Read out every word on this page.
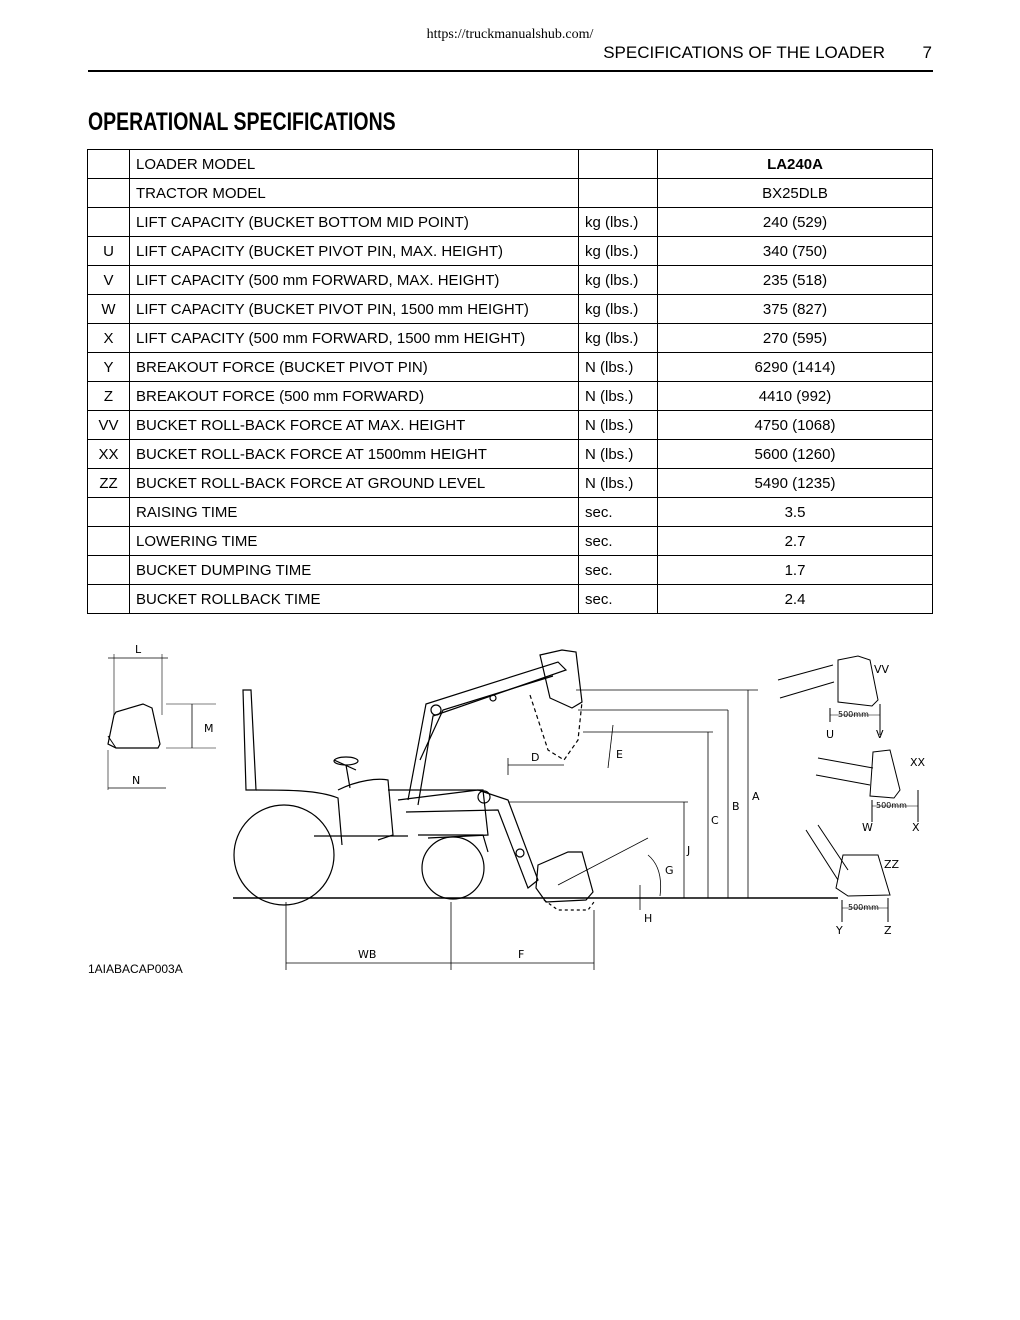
https://truckmanualshub.com/
SPECIFICATIONS OF THE LOADER 7
OPERATIONAL SPECIFICATIONS
	LOADER MODEL		LA240A
	TRACTOR MODEL		BX25DLB
	LIFT CAPACITY (BUCKET BOTTOM MID POINT)	kg (lbs.)	240 (529)
U	LIFT CAPACITY (BUCKET PIVOT PIN, MAX. HEIGHT)	kg (lbs.)	340 (750)
V	LIFT CAPACITY (500 mm FORWARD, MAX. HEIGHT)	kg (lbs.)	235 (518)
W	LIFT CAPACITY (BUCKET PIVOT PIN, 1500 mm HEIGHT)	kg (lbs.)	375 (827)
X	LIFT CAPACITY (500 mm FORWARD, 1500 mm HEIGHT)	kg (lbs.)	270 (595)
Y	BREAKOUT FORCE (BUCKET PIVOT PIN)	N (lbs.)	6290 (1414)
Z	BREAKOUT FORCE (500 mm FORWARD)	N (lbs.)	4410 (992)
VV	BUCKET ROLL-BACK FORCE AT MAX. HEIGHT	N (lbs.)	4750 (1068)
XX	BUCKET ROLL-BACK FORCE AT 1500mm HEIGHT	N (lbs.)	5600 (1260)
ZZ	BUCKET ROLL-BACK FORCE AT GROUND LEVEL	N (lbs.)	5490 (1235)
	RAISING TIME	sec.	3.5
	LOWERING TIME	sec.	2.7
	BUCKET DUMPING TIME	sec.	1.7
	BUCKET ROLLBACK TIME	sec.	2.4
L
M
N
A
B
C
D	E
F
G
H
J
WB
U	V
VV
W	X
XX
Y	Z
ZZ
500mm
500mm
500mm
1AIABACAP003A
